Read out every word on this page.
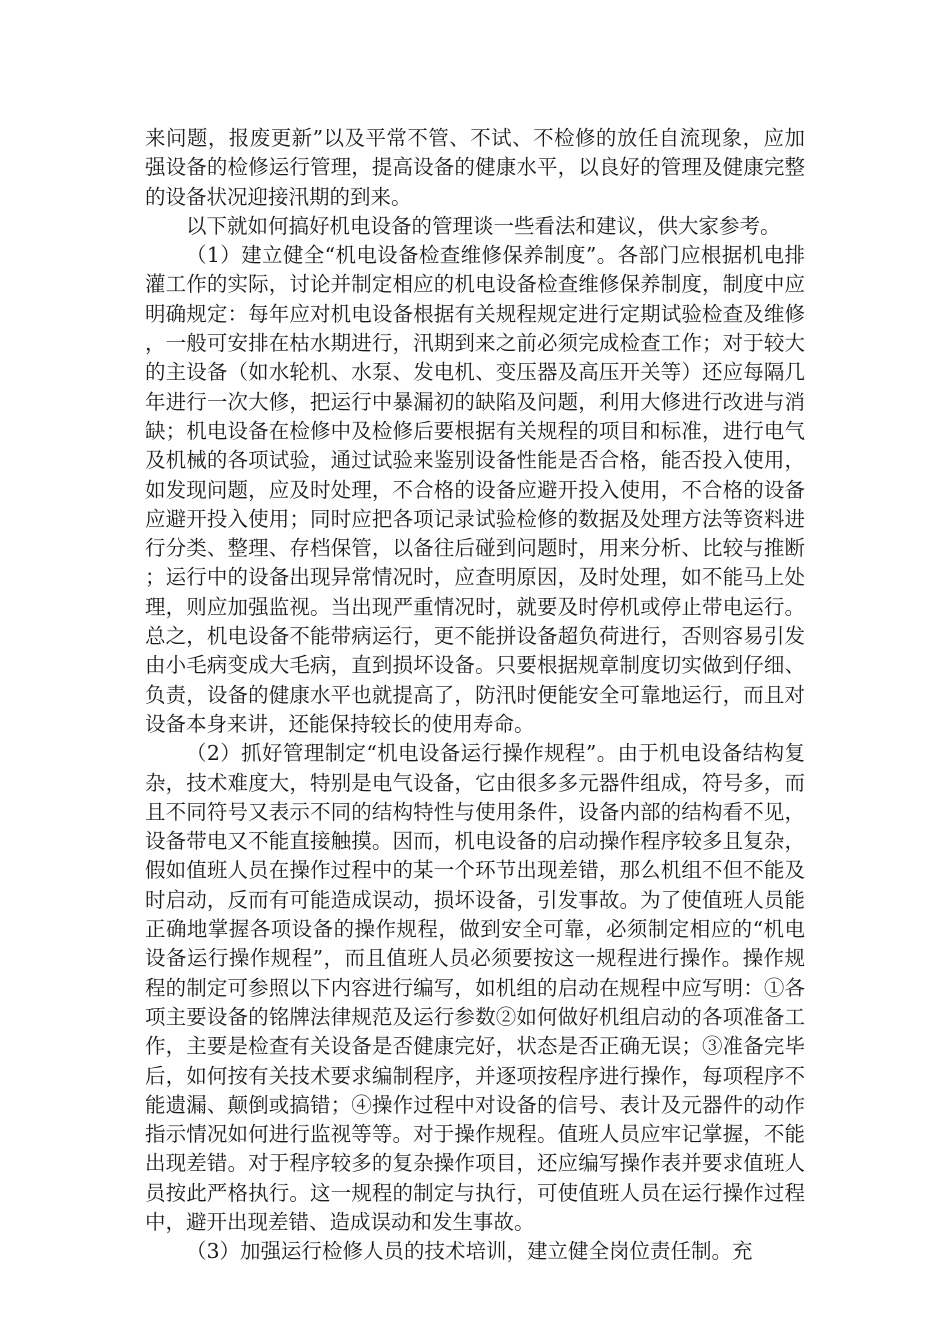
来问题，报废更新”以及平常不管、不试、不检修的放任自流现象，应加强设备的检修运行管理，提高设备的健康水平，以良好的管理及健康完整的设备状况迎接汛期的到来。

以下就如何搞好机电设备的管理谈一些看法和建议，供大家参考。

（1）建立健全“机电设备检查维修保养制度”。各部门应根据机电排灌工作的实际，讨论并制定相应的机电设备检查维修保养制度，制度中应明确规定：每年应对机电设备根据有关规程规定进行定期试验检查及维修，一般可安排在枯水期进行，汛期到来之前必须完成检查工作；对于较大的主设备（如水轮机、水泵、发电机、变压器及高压开关等）还应每隔几年进行一次大修，把运行中暴漏初的缺陷及问题，利用大修进行改进与消缺；机电设备在检修中及检修后要根据有关规程的项目和标准，进行电气及机械的各项试验，通过试验来鉴别设备性能是否合格，能否投入使用，如发现问题，应及时处理，不合格的设备应避开投入使用，不合格的设备应避开投入使用；同时应把各项记录试验检修的数据及处理方法等资料进行分类、整理、存档保管，以备往后碰到问题时，用来分析、比较与推断；运行中的设备出现异常情况时，应查明原因，及时处理，如不能马上处理，则应加强监视。当出现严重情况时，就要及时停机或停止带电运行。总之，机电设备不能带病运行，更不能拼设备超负荷进行，否则容易引发由小毛病变成大毛病，直到损坏设备。只要根据规章制度切实做到仔细、负责，设备的健康水平也就提高了，防汛时便能安全可靠地运行，而且对设备本身来讲，还能保持较长的使用寿命。

（2）抓好管理制定“机电设备运行操作规程”。由于机电设备结构复杂，技术难度大，特别是电气设备，它由很多多元器件组成，符号多，而且不同符号又表示不同的结构特性与使用条件，设备内部的结构看不见，设备带电又不能直接触摸。因而，机电设备的启动操作程序较多且复杂，假如值班人员在操作过程中的某一个环节出现差错，那么机组不但不能及时启动，反而有可能造成误动，损坏设备，引发事故。为了使值班人员能正确地掌握各项设备的操作规程，做到安全可靠，必须制定相应的“机电设备运行操作规程”，而且值班人员必须要按这一规程进行操作。操作规程的制定可参照以下内容进行编写，如机组的启动在规程中应写明：①各项主要设备的铭牌法律规范及运行参数②如何做好机组启动的各项准备工作，主要是检查有关设备是否健康完好，状态是否正确无误；③准备完毕后，如何按有关技术要求编制程序，并逐项按程序进行操作，每项程序不能遗漏、颠倒或搞错；④操作过程中对设备的信号、表计及元器件的动作指示情况如何进行监视等等。对于操作规程。值班人员应牢记掌握，不能出现差错。对于程序较多的复杂操作项目，还应编写操作表并要求值班人员按此严格执行。这一规程的制定与执行，可使值班人员在运行操作过程中，避开出现差错、造成误动和发生事故。

（3）加强运行检修人员的技术培训，建立健全岗位责任制。充
